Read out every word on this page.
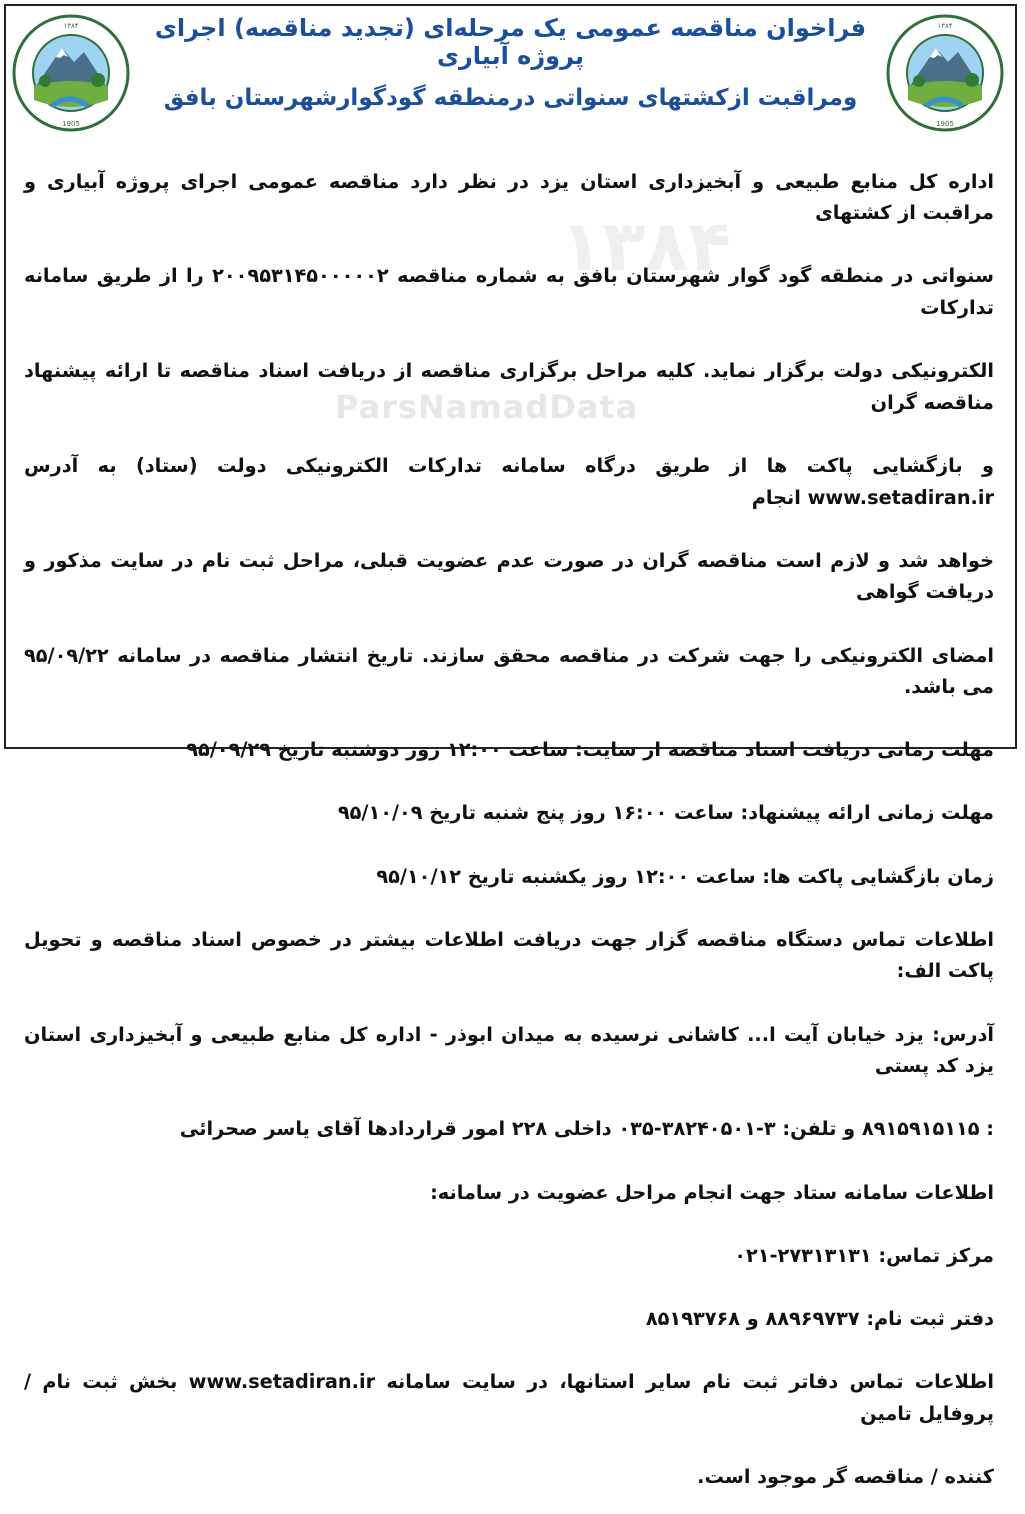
۱۳۸۴
1905
۱۳۸۴
1905
فراخوان مناقصه عمومی یک مرحله‌ای (تجدید مناقصه) اجرای پروژه آبیاری
ومراقبت ازکشتهای سنواتی درمنطقه گودگوارشهرستان بافق
۱۳۸۴
ParsNamadData

اداره کل منابع طبیعی و آبخیزداری استان یزد در نظر دارد مناقصه عمومی اجرای پروژه آبیاری و مراقبت از کشتهای

سنواتی در منطقه گود گوار شهرستان بافق به شماره مناقصه ۲۰۰۹۵۳۱۴۵۰۰۰۰۰۲ را از طریق سامانه تدارکات

الکترونیکی دولت برگزار نماید. کلیه مراحل برگزاری مناقصه از دریافت اسناد مناقصه تا ارائه پیشنهاد مناقصه گران

و بازگشایی پاکت ها از طریق درگاه سامانه تدارکات الکترونیکی دولت (ستاد) به آدرس www.setadiran.ir انجام

خواهد شد و لازم است مناقصه گران در صورت عدم عضویت قبلی، مراحل ثبت نام در سایت مذکور و دریافت گواهی

امضای الکترونیکی را جهت شرکت در مناقصه محقق سازند. تاریخ انتشار مناقصه در سامانه ۹۵/۰۹/۲۲ می باشد.

مهلت زمانی دریافت اسناد مناقصه از سایت: ساعت ۱۲:۰۰ روز دوشنبه تاریخ ۹۵/۰۹/۲۹

مهلت زمانی ارائه پیشنهاد: ساعت ۱۶:۰۰ روز پنج شنبه تاریخ ۹۵/۱۰/۰۹

زمان بازگشایی پاکت ها: ساعت ۱۲:۰۰ روز یکشنبه تاریخ ۹۵/۱۰/۱۲

اطلاعات تماس دستگاه مناقصه گزار جهت دریافت اطلاعات بیشتر در خصوص اسناد مناقصه و تحویل پاکت الف:

آدرس: یزد خیابان آیت ا... کاشانی نرسیده به میدان ابوذر - اداره کل منابع طبیعی و آبخیزداری استان یزد کد پستی

: ۸۹۱۵۹۱۵۱۱۵ و تلفن: ۳-۳۸۲۴۰۵۰۱-۰۳۵ داخلی ۲۲۸ امور قراردادها آقای یاسر صحرائی

اطلاعات سامانه ستاد جهت انجام مراحل عضویت در سامانه:

مرکز تماس: ۲۷۳۱۳۱۳۱-۰۲۱

دفتر ثبت نام: ۸۸۹۶۹۷۳۷ و ۸۵۱۹۳۷۶۸

اطلاعات تماس دفاتر ثبت نام سایر استانها، در سایت سامانه www.setadiran.ir بخش ثبت نام / پروفایل تامین

کننده / مناقصه گر موجود است.
